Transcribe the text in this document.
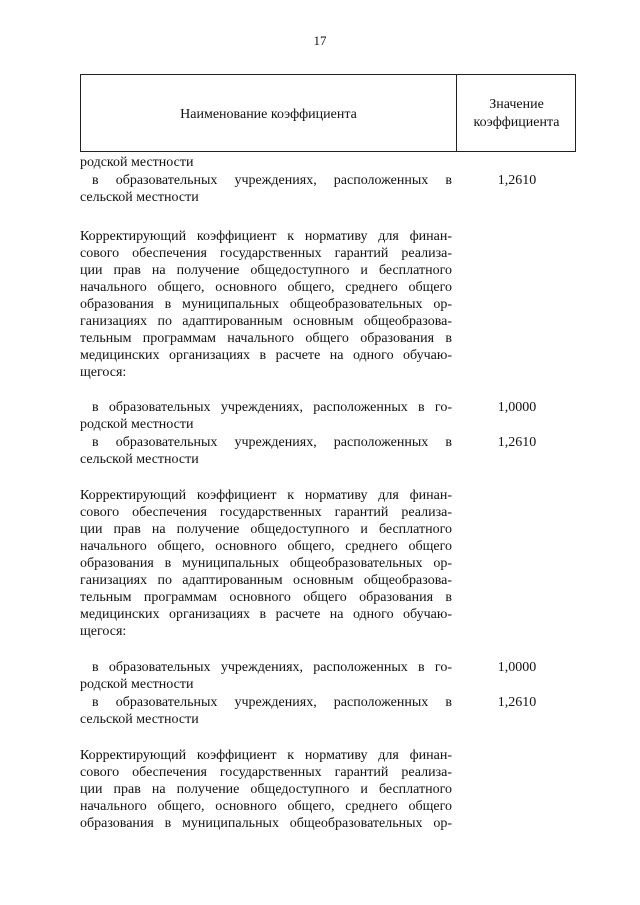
17
Наименование коэффициента
Значение
коэффициента
родской местности
в образовательных учреждениях, расположенных в
сельской местности
1,2610
Корректирующий коэффициент к нормативу для финан-
сового обеспечения государственных гарантий реализа-
ции прав на получение общедоступного и бесплатного
начального общего, основного общего, среднего общего
образования в муниципальных общеобразовательных ор-
ганизациях по адаптированным основным общеобразова-
тельным программам начального общего образования в
медицинских организациях в расчете на одного обучаю-
щегося:
в образовательных учреждениях, расположенных в го-
родской местности
1,0000
в образовательных учреждениях, расположенных в
сельской местности
1,2610
Корректирующий коэффициент к нормативу для финан-
сового обеспечения государственных гарантий реализа-
ции прав на получение общедоступного и бесплатного
начального общего, основного общего, среднего общего
образования в муниципальных общеобразовательных ор-
ганизациях по адаптированным основным общеобразова-
тельным программам основного общего образования в
медицинских организациях в расчете на одного обучаю-
щегося:
в образовательных учреждениях, расположенных в го-
родской местности
1,0000
в образовательных учреждениях, расположенных в
сельской местности
1,2610
Корректирующий коэффициент к нормативу для финан-
сового обеспечения государственных гарантий реализа-
ции прав на получение общедоступного и бесплатного
начального общего, основного общего, среднего общего
образования в муниципальных общеобразовательных ор-
